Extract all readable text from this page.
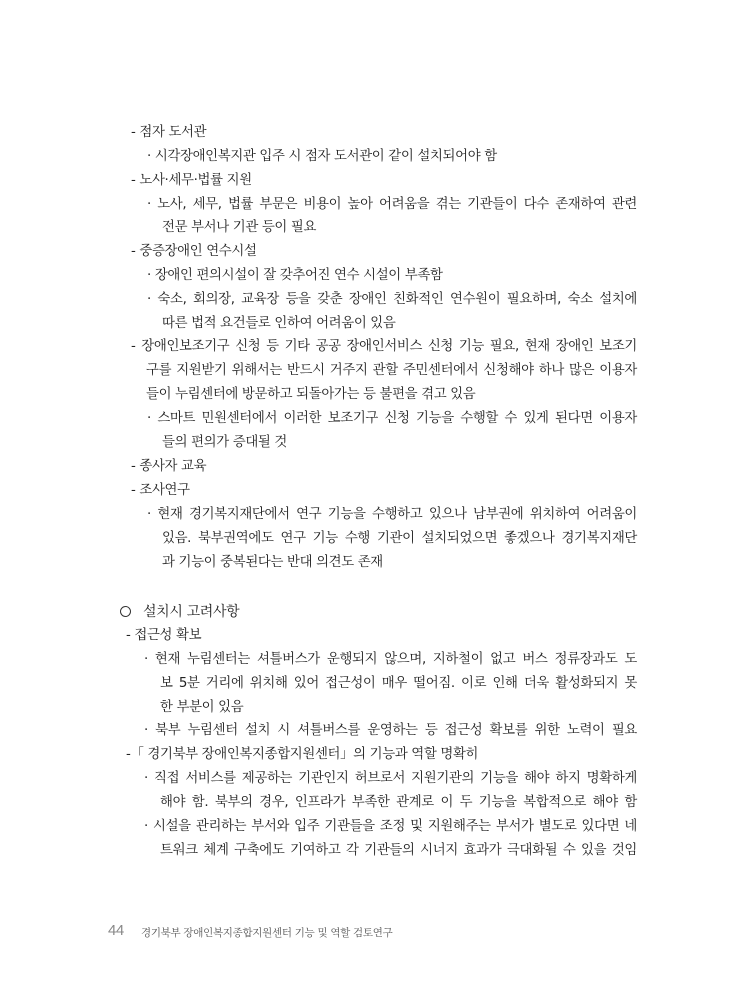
- 점자 도서관
· 시각장애인복지관 입주 시 점자 도서관이 같이 설치되어야 함
- 노사·세무·법률 지원
· 노사, 세무, 법률 부문은 비용이 높아 어려움을 겪는 기관들이 다수 존재하여 관련
전문 부서나 기관 등이 필요
- 중증장애인 연수시설
· 장애인 편의시설이 잘 갖추어진 연수 시설이 부족함
· 숙소, 회의장, 교육장 등을 갖춘 장애인 친화적인 연수원이 필요하며, 숙소 설치에
따른 법적 요건들로 인하여 어려움이 있음
- 장애인보조기구 신청 등 기타 공공 장애인서비스 신청 기능 필요, 현재 장애인 보조기
구를 지원받기 위해서는 반드시 거주지 관할 주민센터에서 신청해야 하나 많은 이용자
들이 누림센터에 방문하고 되돌아가는 등 불편을 겪고 있음
· 스마트 민원센터에서 이러한 보조기구 신청 기능을 수행할 수 있게 된다면 이용자
들의 편의가 증대될 것
- 종사자 교육
- 조사연구
· 현재 경기복지재단에서 연구 기능을 수행하고 있으나 남부권에 위치하여 어려움이
있음. 북부권역에도 연구 기능 수행 기관이 설치되었으면 좋겠으나 경기복지재단
과 기능이 중복된다는 반대 의견도 존재
설치시 고려사항
- 접근성 확보
· 현재 누림센터는 셔틀버스가 운행되지 않으며, 지하철이 없고 버스 정류장과도 도
보 5분 거리에 위치해 있어 접근성이 매우 떨어짐. 이로 인해 더욱 활성화되지 못
한 부분이 있음
· 북부 누림센터 설치 시 셔틀버스를 운영하는 등 접근성 확보를 위한 노력이 필요
-「 경기북부 장애인복지종합지원센터」의 기능과 역할 명확히
· 직접 서비스를 제공하는 기관인지 허브로서 지원기관의 기능을 해야 하지 명확하게
해야 함. 북부의 경우, 인프라가 부족한 관계로 이 두 기능을 복합적으로 해야 함
· 시설을 관리하는 부서와 입주 기관들을 조정 및 지원해주는 부서가 별도로 있다면 네
트워크 체계 구축에도 기여하고 각 기관들의 시너지 효과가 극대화될 수 있을 것임
44 경기북부 장애인복지종합지원센터 기능 및 역할 검토연구
